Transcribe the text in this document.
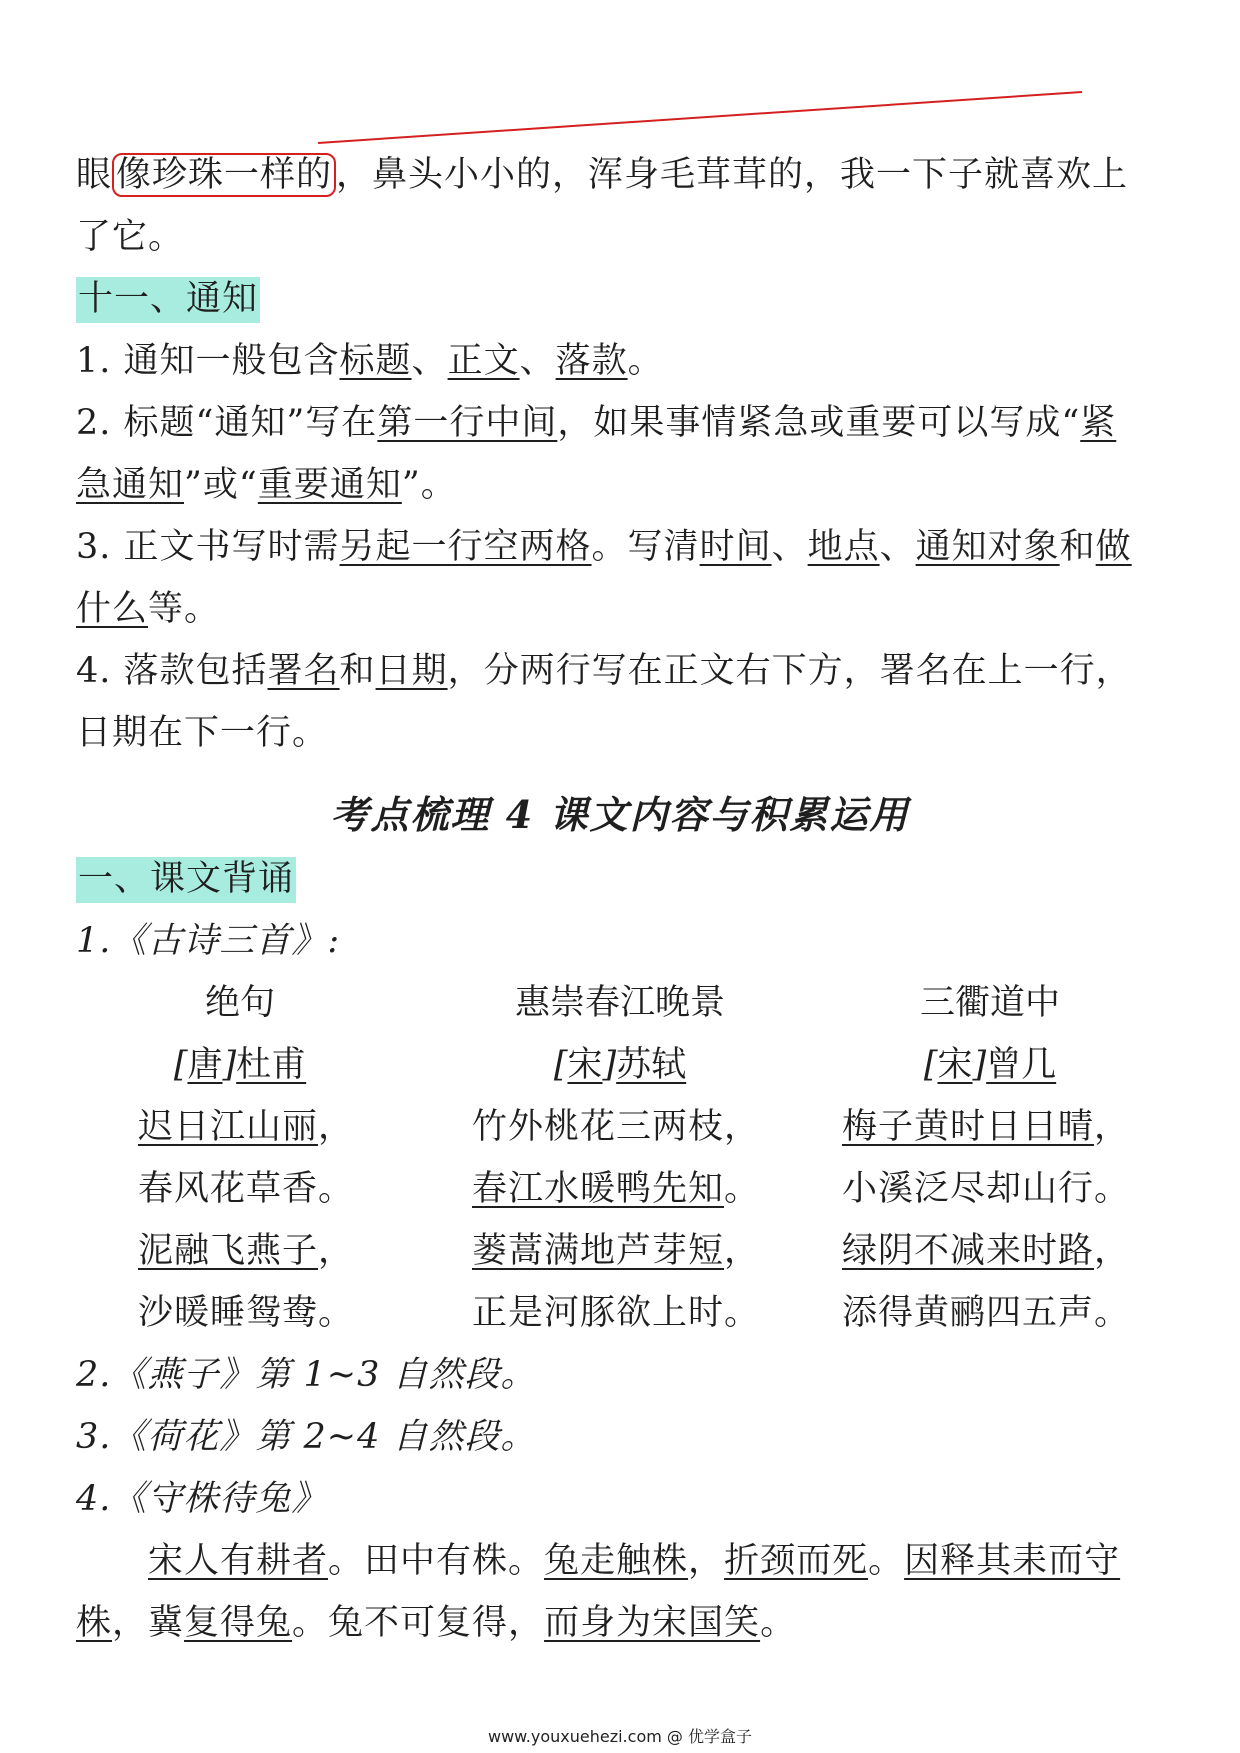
眼 像珍珠一样的 ，鼻头小小的，浑身毛茸茸的，我一下子就喜欢上
了它。
十一、通知
1. 通知一般包含标题、正文、落款。
2. 标题“通知”写在第一行中间，如果事情紧急或重要可以写成“紧
急通知”或“重要通知”。
3. 正文书写时需另起一行空两格。写清时间、地点、通知对象和做
什么等。
4. 落款包括署名和日期，分两行写在正文右下方，署名在上一行，
日期在下一行。
考点梳理 4 课文内容与积累运用
一、课文背诵
1.《古诗三首》:
绝句
[唐]杜甫
迟日江山丽，
春风花草香。
泥融飞燕子，
沙暖睡鸳鸯。
惠崇春江晚景
[宋]苏轼
竹外桃花三两枝，
春江水暖鸭先知。
蒌蒿满地芦芽短，
正是河豚欲上时。
三衢道中
[宋]曾几
梅子黄时日日晴，
小溪泛尽却山行。
绿阴不减来时路，
添得黄鹂四五声。
2.《燕子》第 1~3 自然段。
3.《荷花》第 2~4 自然段。
4.《守株待兔》
宋人有耕者。田中有株。兔走触株，折颈而死。因释其耒而守
株，冀复得兔。兔不可复得，而身为宋国笑。
www.youxuehezi.com @ 优学盒子
